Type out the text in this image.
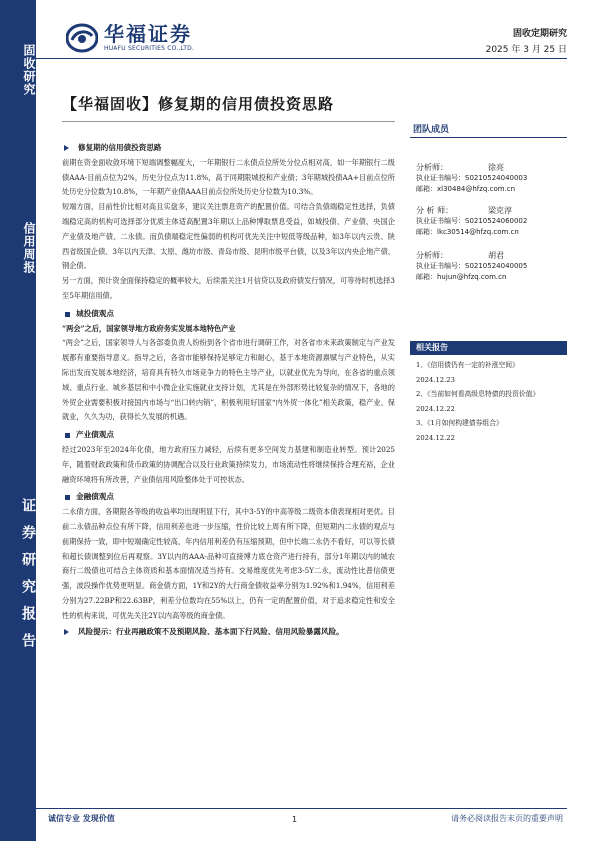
固收研究
信用周报
证券研究报告
华福证券
HUAFU SECURITIES CO.,LTD.
固收定期研究
2025 年 3 月 25 日
【华福固收】修复期的信用债投资思路

修复期的信用债投资思路

前期在资金面收敛环境下短端调整幅度大，一年期银行二永债点位所处分位点相对高，如一年期银行二级债AAA-目前点位为2%，历史分位点为11.8%，高于同期限城投和产业债；3年期城投债AA+目前点位所处历史分位数为10.8%，一年期产业债AAA目前点位所处历史分位数为10.3%。

短端方面，目前性价比相对高且实盘多，建议关注票息资产的配置价值。可结合负债端稳定性选择，负债端稳定高的机构可选择部分优质主体适高配置3年期以上品种博取票息受益，如城投债、产业债、央国企产业债及地产债、二永债。而负债端稳定性偏弱的机构可优先关注中短低等级品种，如3年以内云贵、陕西省级国企债、3年以内天津、太原、潍坊市级、青岛市级、昆明市级平台债，以及3年以内央企地产债、钢企债。

另一方面，预计资金面保持稳定的概率较大，后续需关注1月信贷以及政府债发行情况，可等待时机选择3至5年期信用债。

城投债观点

“两会”之后，国家领导地方政府务实发展本地特色产业

“两会”之后，国家领导人与各部委负责人纷纷到各个省市进行调研工作，对各省市未来政策制定与产业发展都有重要指导意义。指导之后，各省市能够保持足够定力和耐心，基于本地资源禀赋与产业特色，从实际出发而发展本地经济，培育具有特久市场竞争力的特色主导产业，以就业优先为导向，在各省的重点领域、重点行业、城乡基层和中小微企业实施就业支持计划，尤其是在外部形势比较复杂的情况下，各地的外贸企业需要积极对接国内市场与“出口转内销”，积极利用好国家“内外贸一体化”相关政策，稳产业、保就业，久久为功，获得长久发展的机遇。

产业债观点

经过2023年至2024年化债，地方政府压力减轻，后续有更多空间发力基建和制造业转型。预计2025年，随着财政政策和货币政策的协调配合以及行业政策持续发力，市场流动性将继续保持合理充裕，企业融资环境将有所改善，产业债信用风险整体处于可控状态。

金融债观点

二永债方面，各期限各等级的收益率均出现明显下行，其中3-5Y的中高等级二级资本债表现相对更优。目前二永债品种点位有所下降，信用利差也进一步压缩，性价比较上周有所下降，但短期内二永债的观点与前期保持一致，即中短端确定性较高，年内信用利差仍有压缩预期，但中长端二永仍不看好，可以等长债和超长债调整到位后再观察。3Y以内的AAA-品种可直接博力底仓资产进行持有，部分1年期以内的城农商行二级债也可结合主体资质和基本面情况适当持有。交易维度优先考虑3-5Y二永，流动性比普信债更强，波段操作优势更明显。商金债方面，1Y和2Y的大行商金债收益率分别为1.92%和1.94%，信用利差分别为27.22BP和22.63BP，利差分位数均在55%以上，仍有一定的配置价值，对于追求稳定性和安全性的机构来说，可优先关注2Y以内高等级的商金债。

风险提示：行业再融政策不及预期风险、基本面下行风险、信用风险暴露风险。

团队成员
分析师：	徐亮
执业证书编号：S0210524040003
邮箱：xl30484@hfzq.com.cn
分 析 师：	梁克淳
执业证书编号：S0210524060002
邮箱：lkc30514@hfzq.com.cn
分析师：	胡君
执业证书编号：S0210524040005
邮箱：hujun@hfzq.com.cn
相关报告
1、《信用债仍有一定的补涨空间》
2024.12.23
2、《当前如何看高级息特债的投资价值》
2024.12.22
3、《1月如何构建债券组合》
2024.12.22
诚信专业 发现价值	1	请务必阅读报告末页的重要声明
